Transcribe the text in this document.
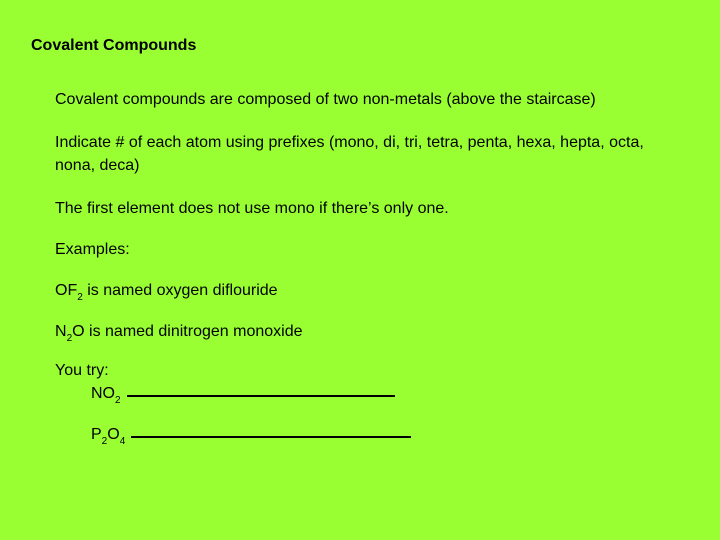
Covalent Compounds

Covalent compounds are composed of two non-metals (above the staircase)

Indicate # of each atom using prefixes (mono, di, tri, tetra, penta, hexa, hepta, octa, nona, deca)

The first element does not use mono if there’s only one.

Examples:

$OF_2$ is named oxygen diflouride

$N_2O$ is named dinitrogen monoxide

You try:

$NO_2$

$P_2O_4$
